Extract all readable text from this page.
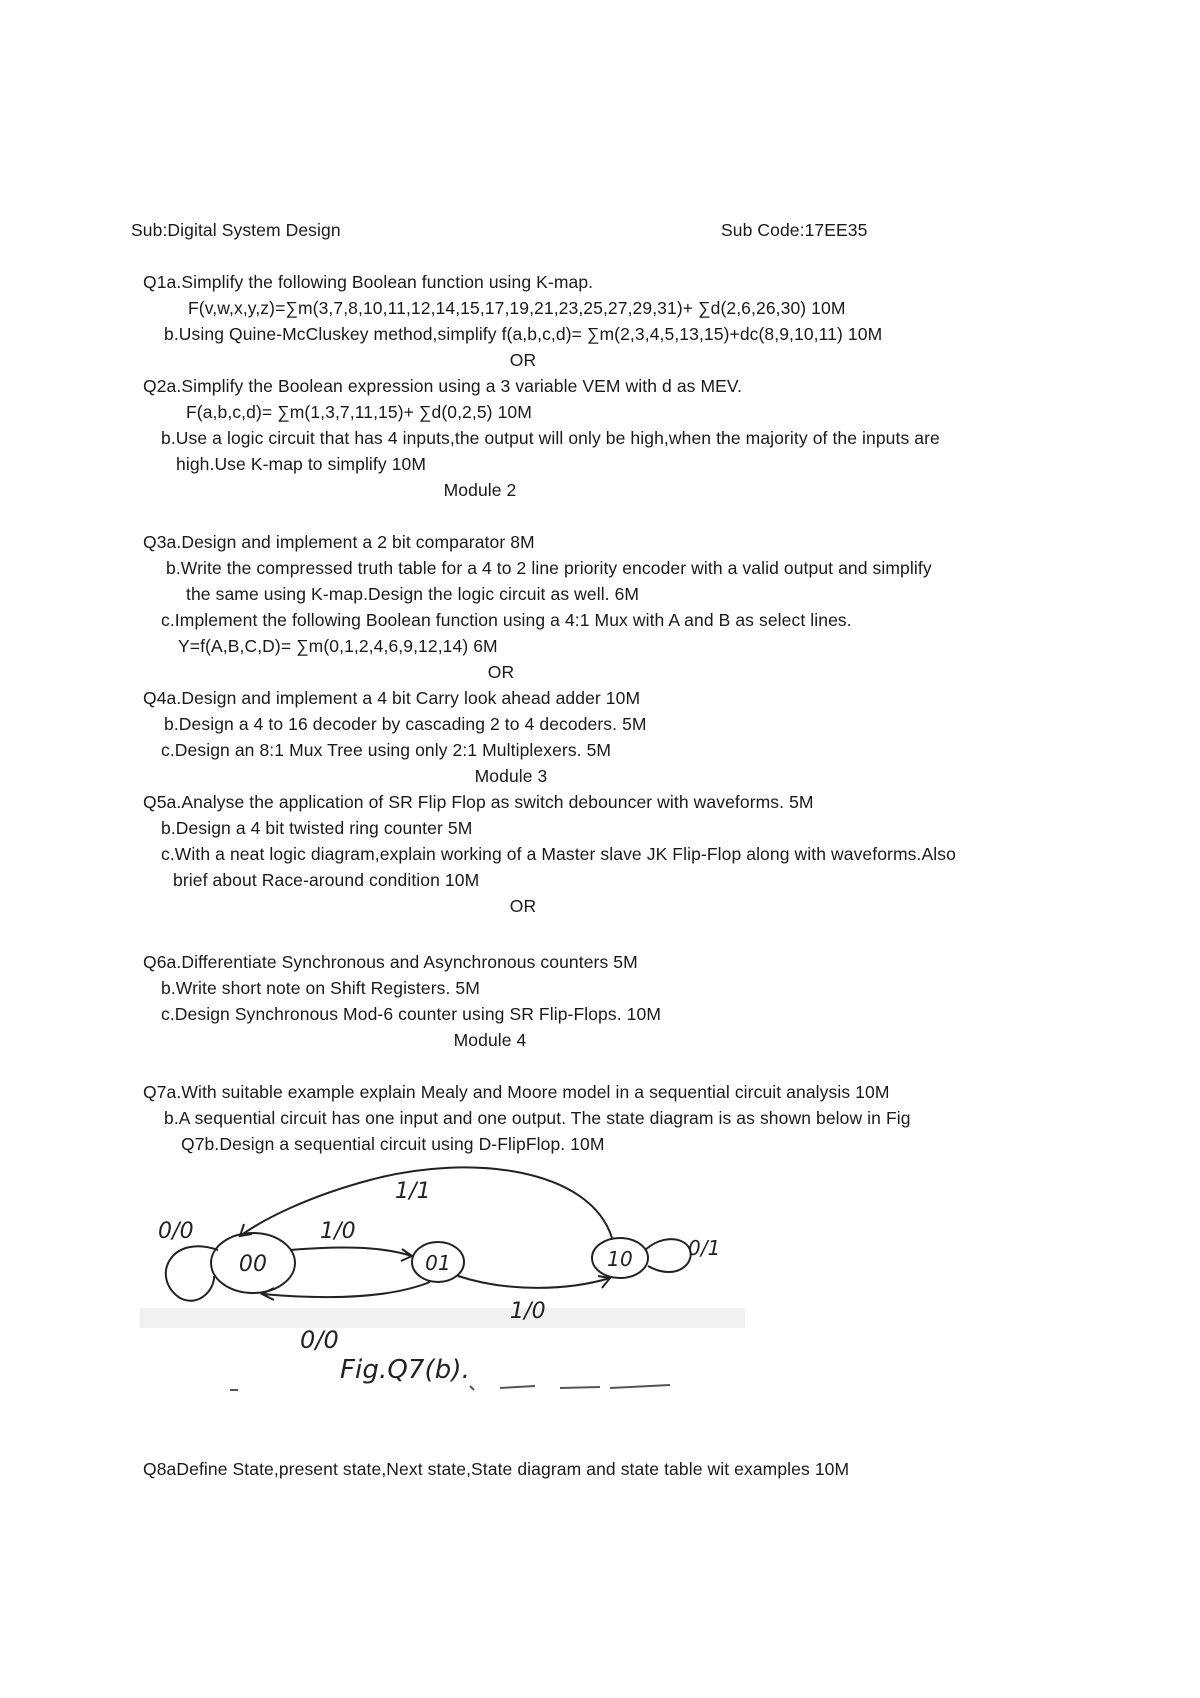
Sub:Digital System Design	Sub Code:17EE35
Q1a.Simplify the following Boolean function using K-map.
F(v,w,x,y,z)=∑m(3,7,8,10,11,12,14,15,17,19,21,23,25,27,29,31)+ ∑d(2,6,26,30) 10M
b.Using Quine-McCluskey method,simplify f(a,b,c,d)= ∑m(2,3,4,5,13,15)+dc(8,9,10,11) 10M
OR
Q2a.Simplify the Boolean expression using a 3 variable VEM with d as MEV.
F(a,b,c,d)= ∑m(1,3,7,11,15)+ ∑d(0,2,5) 10M
b.Use a logic circuit that has 4 inputs,the output will only be high,when the majority of the inputs are
high.Use K-map to simplify 10M
Module 2
Q3a.Design and implement a 2 bit comparator 8M
b.Write the compressed truth table for a 4 to 2 line priority encoder with a valid output and simplify
the same using K-map.Design the logic circuit as well. 6M
c.Implement the following Boolean function using a 4:1 Mux with A and B as select lines.
Y=f(A,B,C,D)= ∑m(0,1,2,4,6,9,12,14) 6M
OR
Q4a.Design and implement a 4 bit Carry look ahead adder 10M
b.Design a 4 to 16 decoder by cascading 2 to 4 decoders. 5M
c.Design an 8:1 Mux Tree using only 2:1 Multiplexers. 5M
Module 3
Q5a.Analyse the application of SR Flip Flop as switch debouncer with waveforms. 5M
b.Design a 4 bit twisted ring counter 5M
c.With a neat logic diagram,explain working of a Master slave JK Flip-Flop along with waveforms.Also
brief about Race-around condition 10M
OR
Q6a.Differentiate Synchronous and Asynchronous counters 5M
b.Write short note on Shift Registers. 5M
c.Design Synchronous Mod-6 counter using SR Flip-Flops. 10M
Module 4
Q7a.With suitable example explain Mealy and Moore model in a sequential circuit analysis 10M
b.A sequential circuit has one input and one output. The state diagram is as shown below in Fig
Q7b.Design a sequential circuit using D-FlipFlop. 10M
00	01	10
0/0	1/0
0/0
1/0
1/1
0/1
Fig.Q7(b).
Q8aDefine State,present state,Next state,State diagram and state table wit examples 10M
